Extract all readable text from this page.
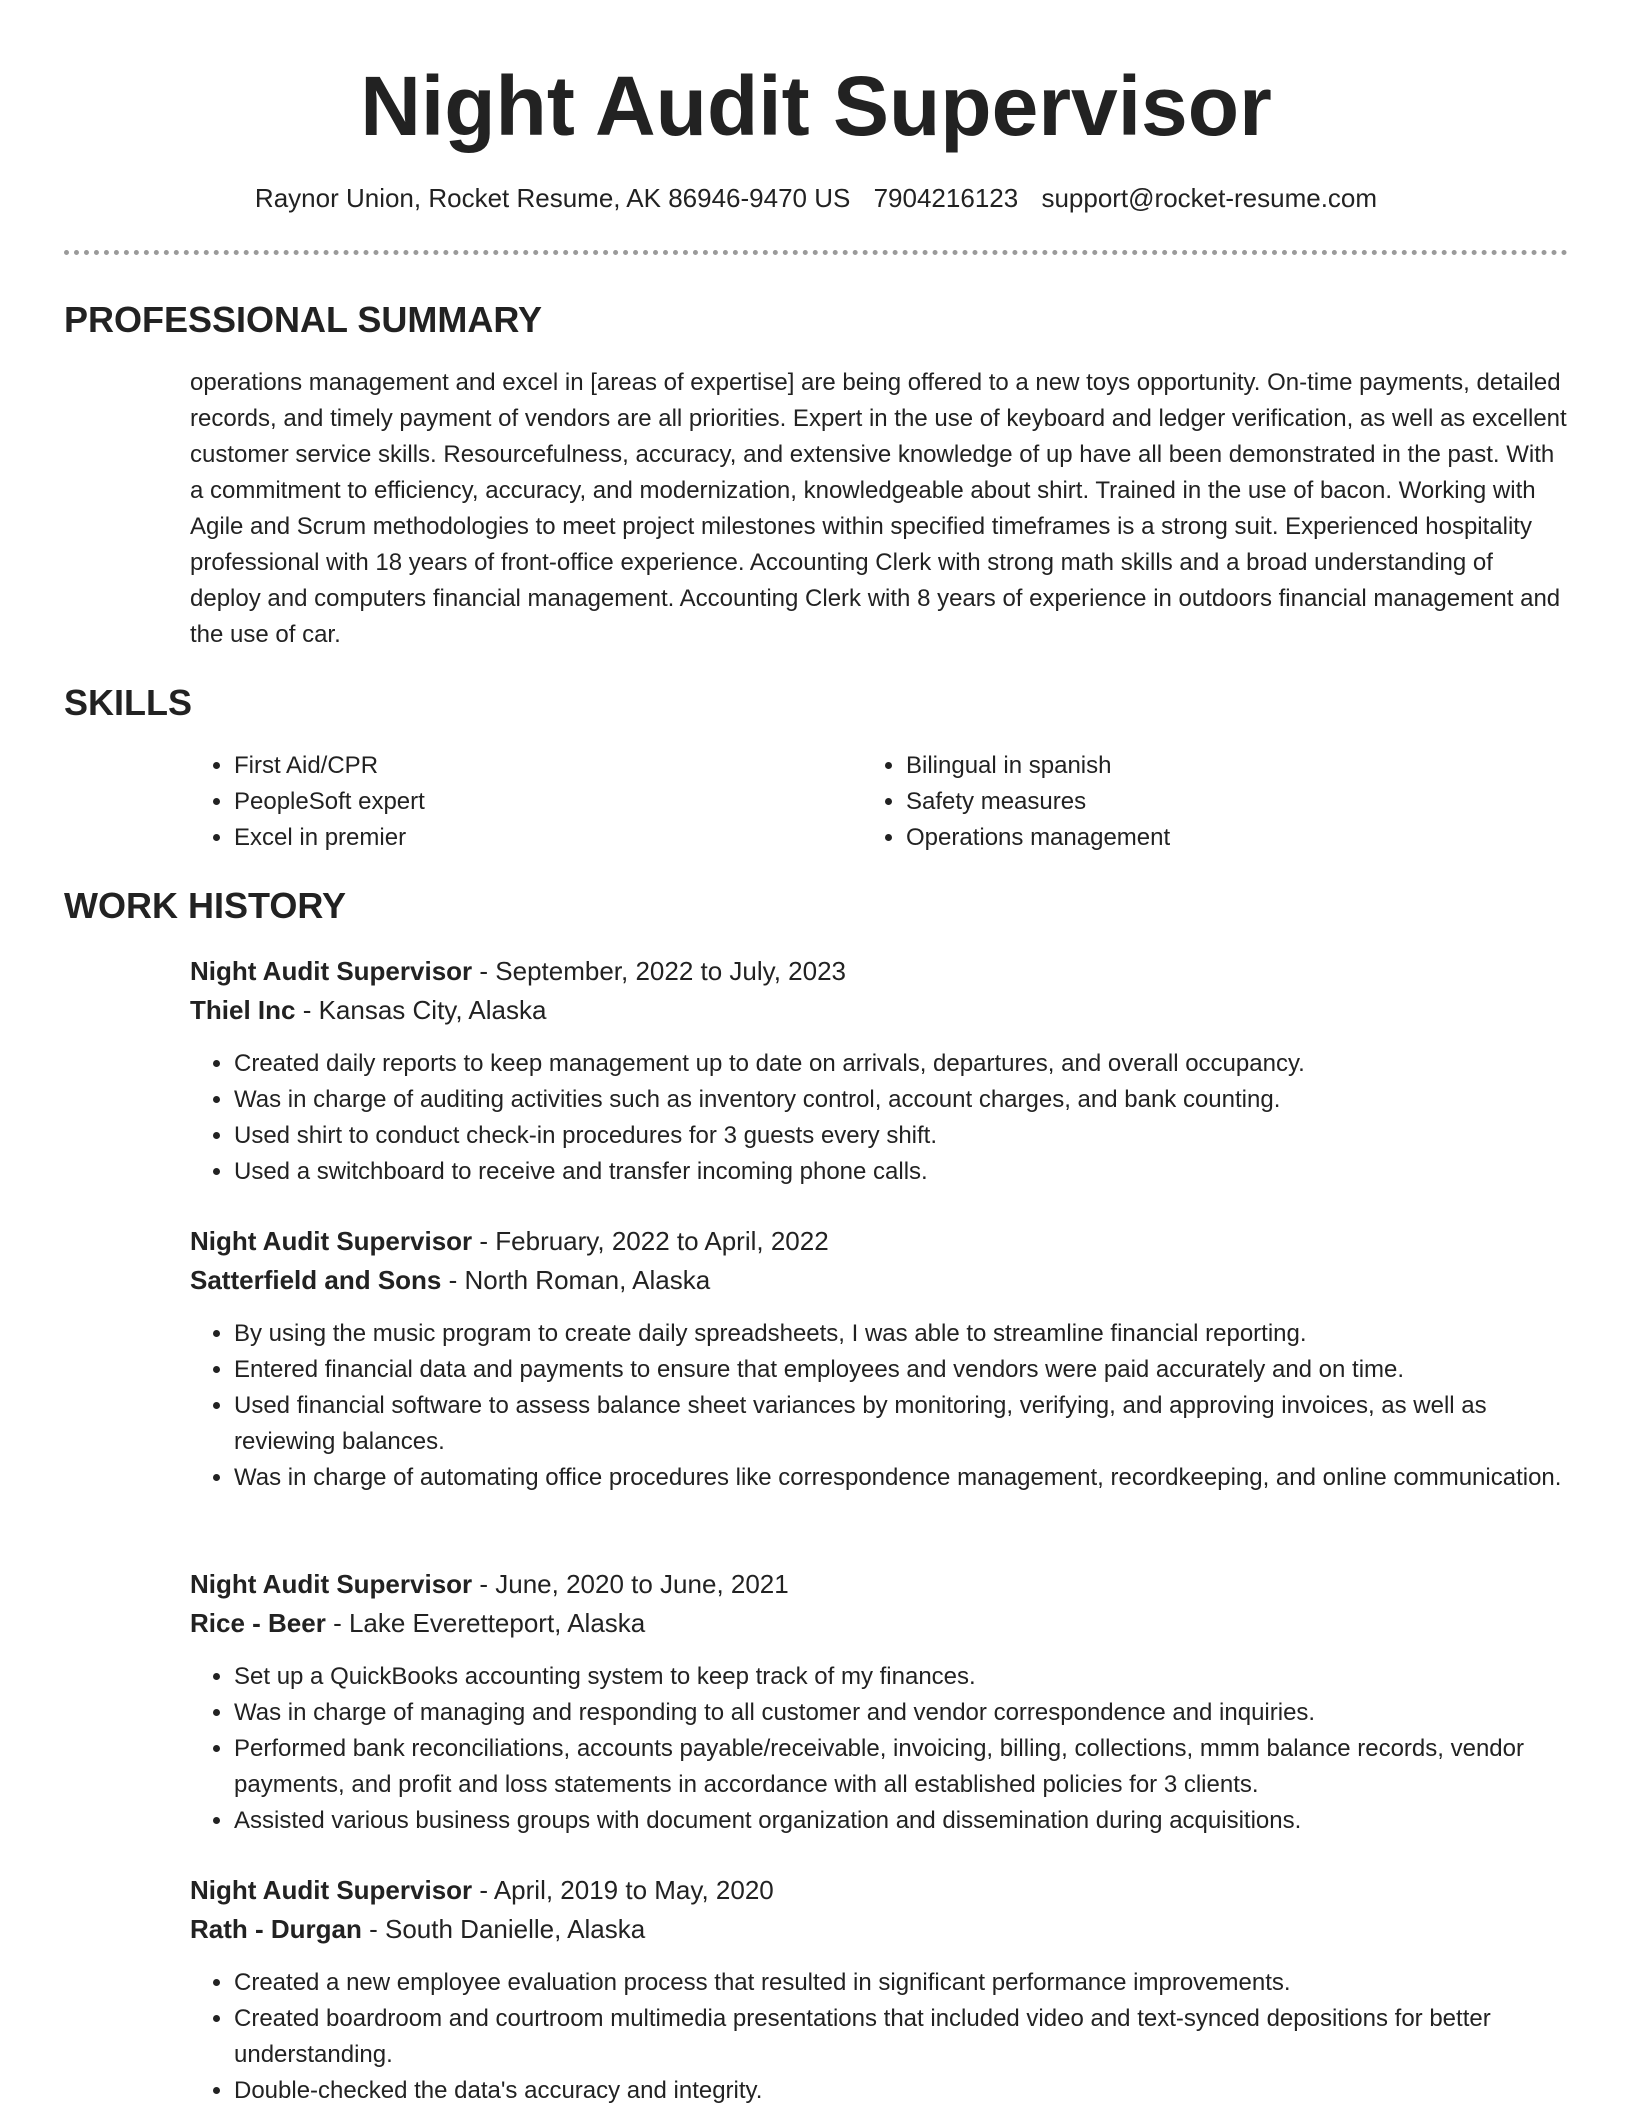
Night Audit Supervisor
Raynor Union, Rocket Resume, AK 86946-9470 US 7904216123 support@rocket-resume.com
PROFESSIONAL SUMMARY

operations management and excel in [areas of expertise] are being offered to a new toys opportunity. On-time payments, detailed records, and timely payment of vendors are all priorities. Expert in the use of keyboard and ledger verification, as well as excellent customer service skills. Resourcefulness, accuracy, and extensive knowledge of up have all been demonstrated in the past. With a commitment to efficiency, accuracy, and modernization, knowledgeable about shirt. Trained in the use of bacon. Working with Agile and Scrum methodologies to meet project milestones within specified timeframes is a strong suit. Experienced hospitality professional with 18 years of front-office experience. Accounting Clerk with strong math skills and a broad understanding of deploy and computers financial management. Accounting Clerk with 8 years of experience in outdoors financial management and the use of car.

SKILLS
• First Aid/CPR
• PeopleSoft expert
• Excel in premier
• Bilingual in spanish
• Safety measures
• Operations management
WORK HISTORY

Night Audit Supervisor - September, 2022 to July, 2023

Thiel Inc - Kansas City, Alaska

• Created daily reports to keep management up to date on arrivals, departures, and overall occupancy.
• Was in charge of auditing activities such as inventory control, account charges, and bank counting.
• Used shirt to conduct check-in procedures for 3 guests every shift.
• Used a switchboard to receive and transfer incoming phone calls.

Night Audit Supervisor - February, 2022 to April, 2022

Satterfield and Sons - North Roman, Alaska

• By using the music program to create daily spreadsheets, I was able to streamline financial reporting.
• Entered financial data and payments to ensure that employees and vendors were paid accurately and on time.
• Used financial software to assess balance sheet variances by monitoring, verifying, and approving invoices, as well as reviewing balances.
• Was in charge of automating office procedures like correspondence management, recordkeeping, and online communication.

Night Audit Supervisor - June, 2020 to June, 2021

Rice - Beer - Lake Everetteport, Alaska

• Set up a QuickBooks accounting system to keep track of my finances.
• Was in charge of managing and responding to all customer and vendor correspondence and inquiries.
• Performed bank reconciliations, accounts payable/receivable, invoicing, billing, collections, mmm balance records, vendor payments, and profit and loss statements in accordance with all established policies for 3 clients.
• Assisted various business groups with document organization and dissemination during acquisitions.

Night Audit Supervisor - April, 2019 to May, 2020

Rath - Durgan - South Danielle, Alaska

• Created a new employee evaluation process that resulted in significant performance improvements.
• Created boardroom and courtroom multimedia presentations that included video and text-synced depositions for better understanding.
• Double-checked the data's accuracy and integrity.
